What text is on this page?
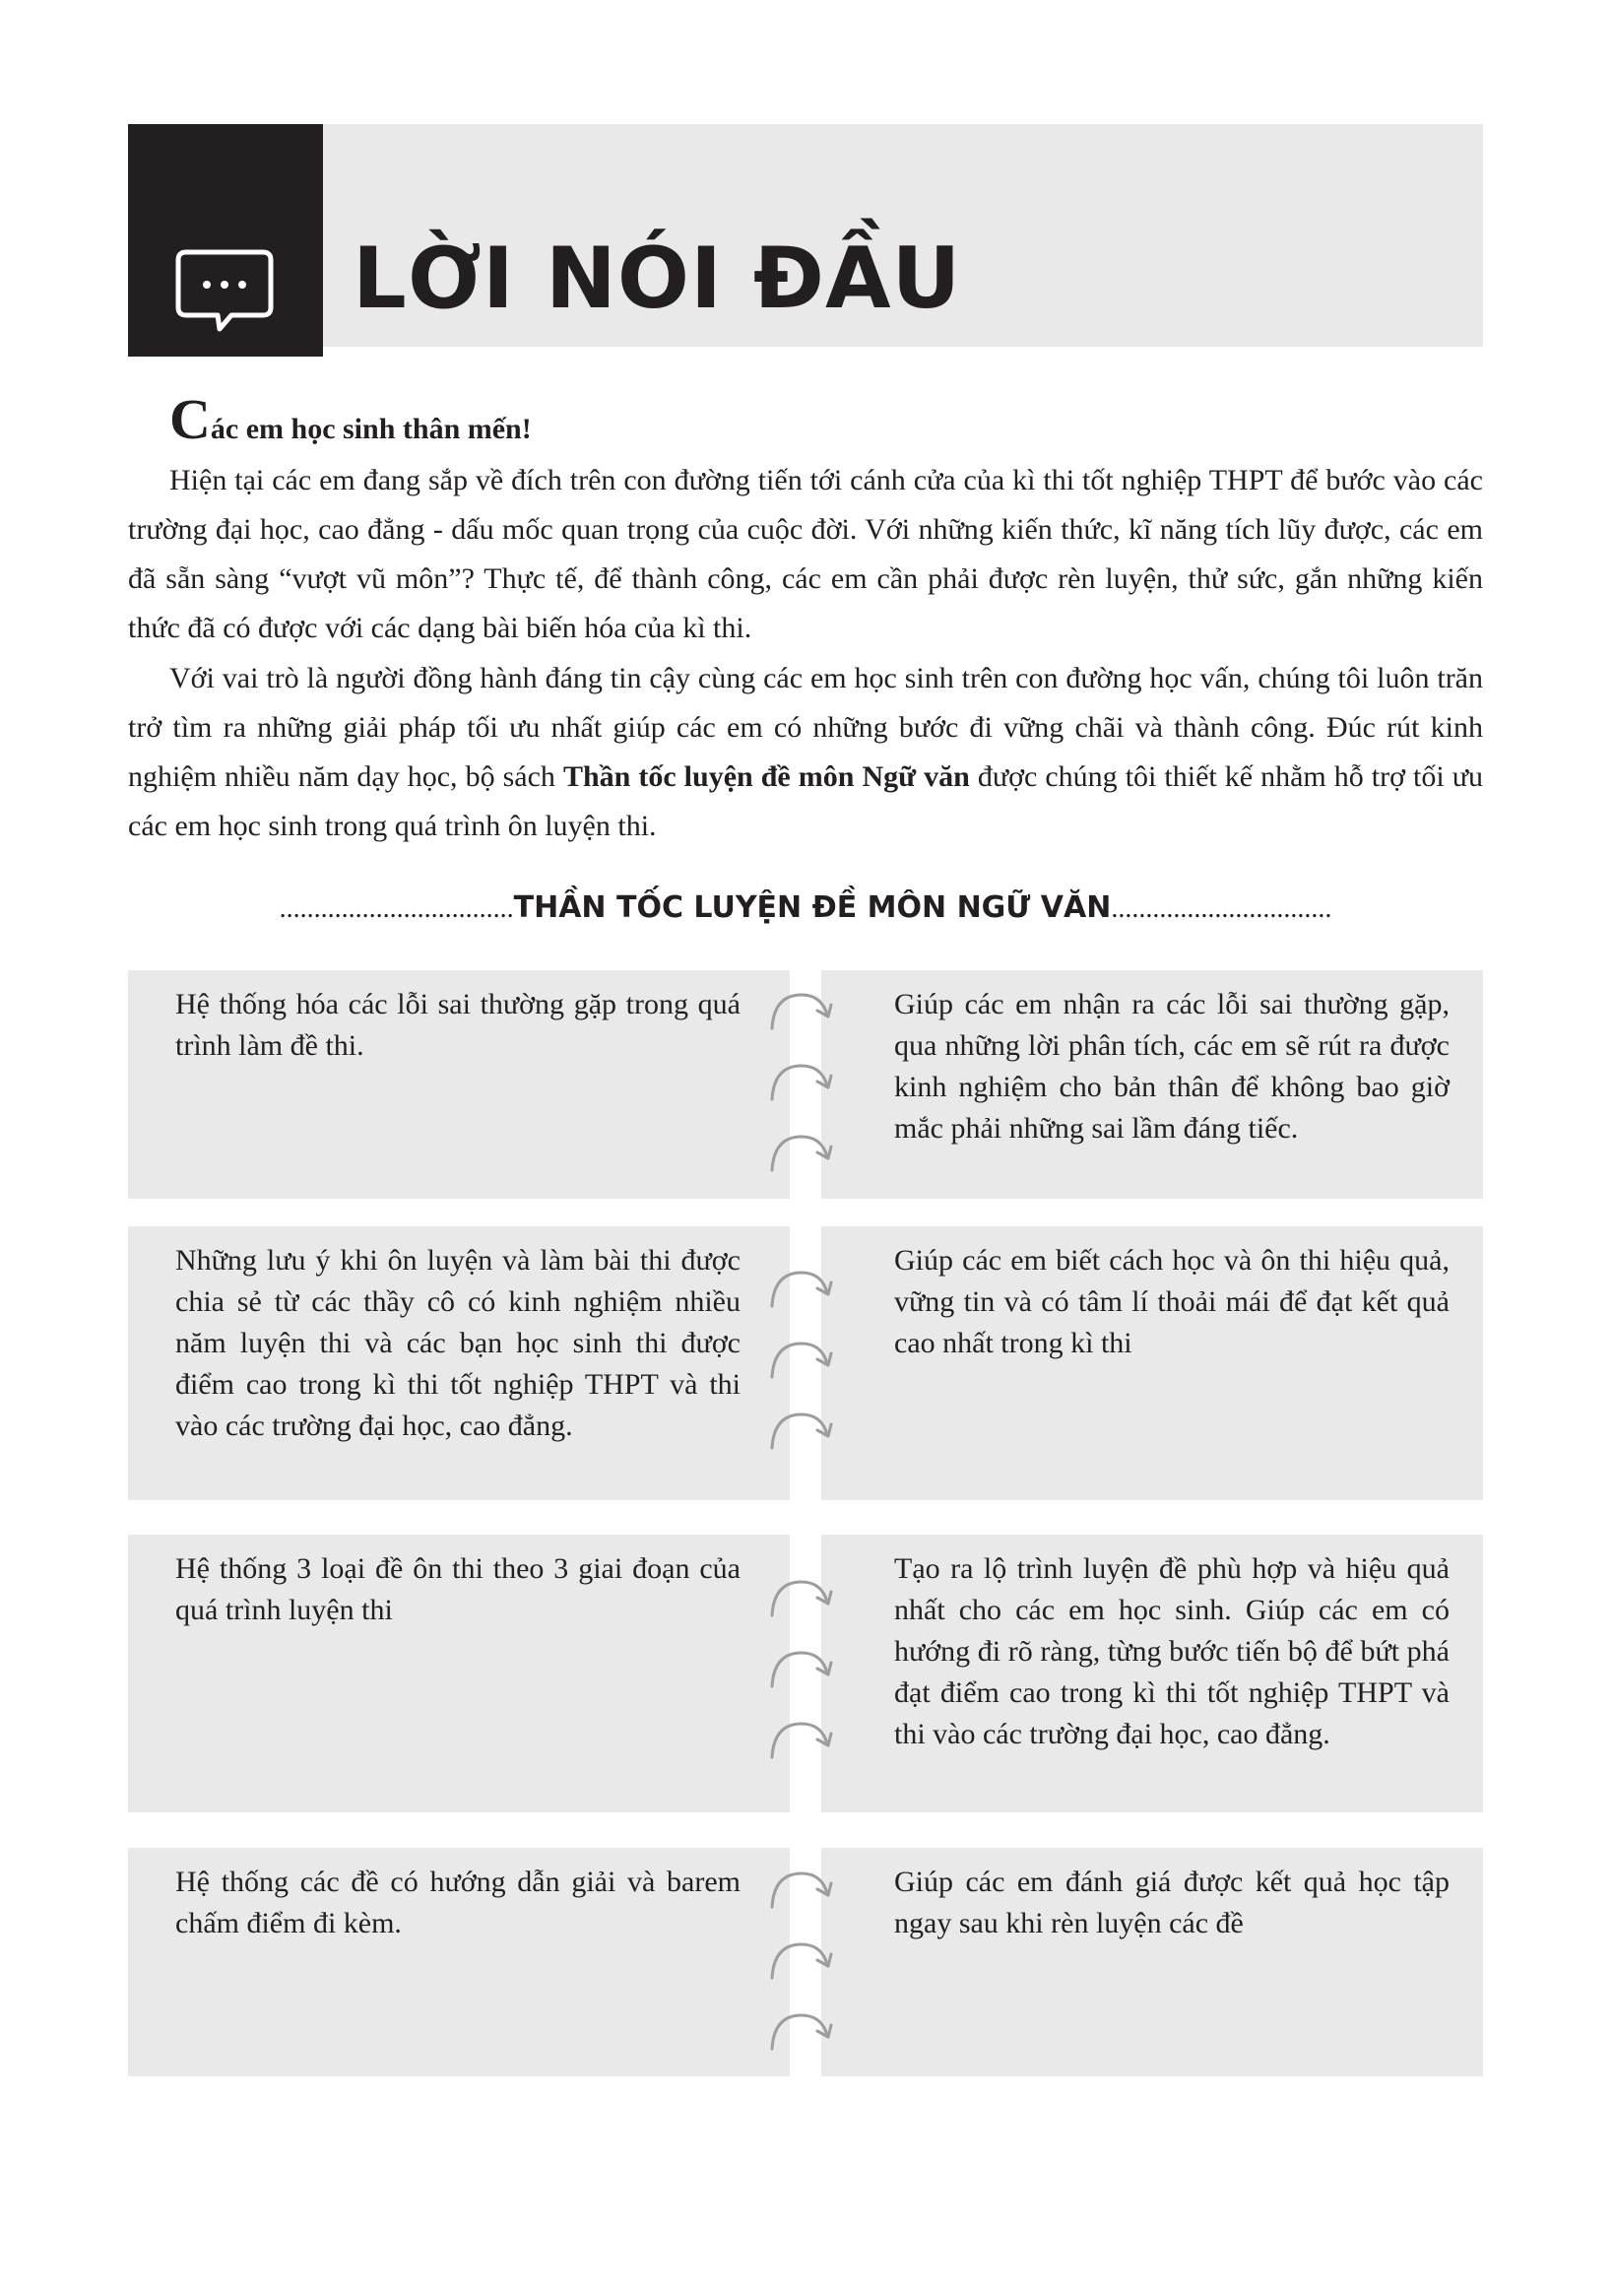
LỜI NÓI ĐẦU
Các em học sinh thân mến!

Hiện tại các em đang sắp về đích trên con đường tiến tới cánh cửa của kì thi tốt nghiệp THPT để bước vào các trường đại học, cao đẳng - dấu mốc quan trọng của cuộc đời. Với những kiến thức, kĩ năng tích lũy được, các em đã sẵn sàng “vượt vũ môn”? Thực tế, để thành công, các em cần phải được rèn luyện, thử sức, gắn những kiến thức đã có được với các dạng bài biến hóa của kì thi.

Với vai trò là người đồng hành đáng tin cậy cùng các em học sinh trên con đường học vấn, chúng tôi luôn trăn trở tìm ra những giải pháp tối ưu nhất giúp các em có những bước đi vững chãi và thành công. Đúc rút kinh nghiệm nhiều năm dạy học, bộ sách Thần tốc luyện đề môn Ngữ văn được chúng tôi thiết kế nhằm hỗ trợ tối ưu các em học sinh trong quá trình ôn luyện thi.

..................................THẦN TỐC LUYỆN ĐỀ MÔN NGỮ VĂN................................
Hệ thống hóa các lỗi sai thường gặp trong quá trình làm đề thi.
Giúp các em nhận ra các lỗi sai thường gặp, qua những lời phân tích, các em sẽ rút ra được kinh nghiệm cho bản thân để không bao giờ mắc phải những sai lầm đáng tiếc.
Những lưu ý khi ôn luyện và làm bài thi được chia sẻ từ các thầy cô có kinh nghiệm nhiều năm luyện thi và các bạn học sinh thi được điểm cao trong kì thi tốt nghiệp THPT và thi vào các trường đại học, cao đẳng.
Giúp các em biết cách học và ôn thi hiệu quả, vững tin và có tâm lí thoải mái để đạt kết quả cao nhất trong kì thi
Hệ thống 3 loại đề ôn thi theo 3 giai đoạn của quá trình luyện thi
Tạo ra lộ trình luyện đề phù hợp và hiệu quả nhất cho các em học sinh. Giúp các em có hướng đi rõ ràng, từng bước tiến bộ để bứt phá đạt điểm cao trong kì thi tốt nghiệp THPT và thi vào các trường đại học, cao đẳng.
Hệ thống các đề có hướng dẫn giải và barem chấm điểm đi kèm.
Giúp các em đánh giá được kết quả học tập ngay sau khi rèn luyện các đề
